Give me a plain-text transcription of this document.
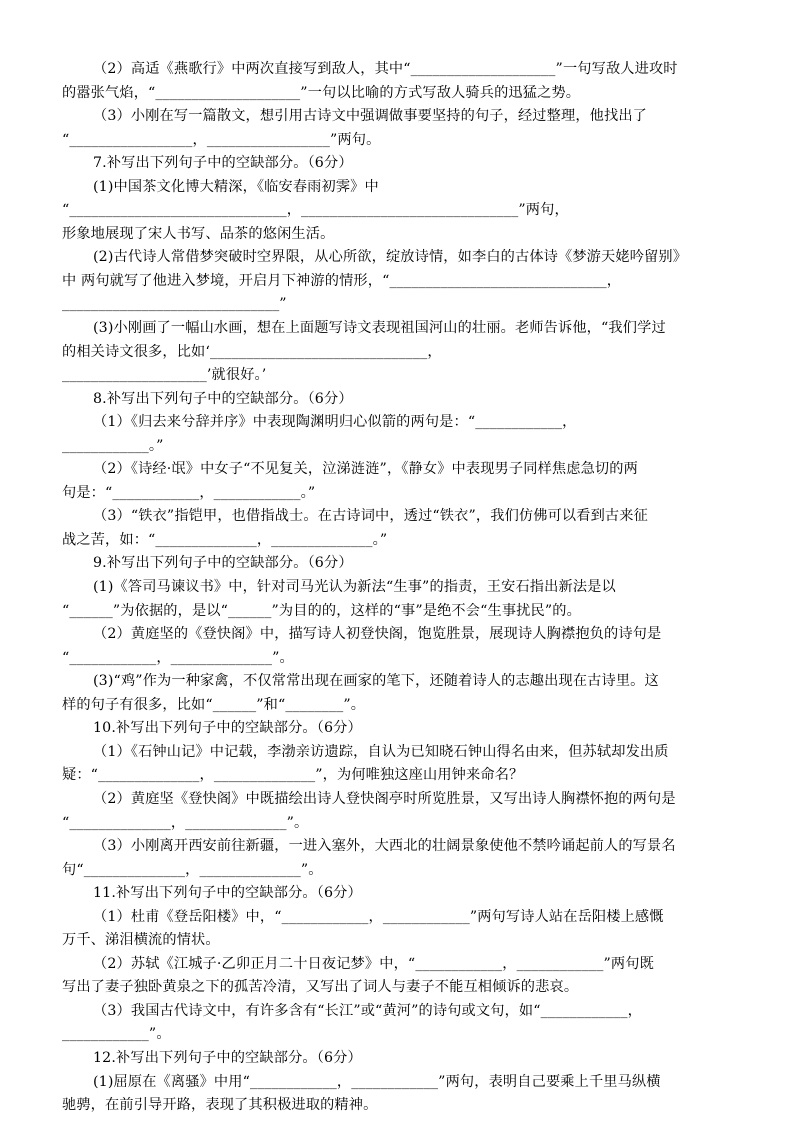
（2）高适《燕歌行》中两次直接写到敌人，其中“____________________”一句写敌人进攻时
的嚣张气焰，“____________________”一句以比喻的方式写敌人骑兵的迅猛之势。
（3）小刚在写一篇散文，想引用古诗文中强调做事要坚持的句子，经过整理，他找出了
“_________________，_________________”两句。
7.补写出下列句子中的空缺部分。（6分）
(1)中国茶文化博大精深，《临安春雨初霁》中
“______________________________，______________________________”两句，
形象地展现了宋人书写、品茶的悠闲生活。
(2)古代诗人常借梦突破时空界限，从心所欲，绽放诗情，如李白的古体诗《梦游天姥吟留别》
中 两句就写了他进入梦境，开启月下神游的情形，“______________________________，
______________________________”
(3)小刚画了一幅山水画，想在上面题写诗文表现祖国河山的壮丽。老师告诉他，“我们学过
的相关诗文很多，比如‘______________________________，
____________________’就很好。’
8.补写出下列句子中的空缺部分。（6分）
（1）《归去来兮辞并序》中表现陶渊明归心似箭的两句是：“____________，
____________。”
（2）《诗经·氓》中女子“不见复关，泣涕涟涟”，《静女》中表现男子同样焦虑急切的两
句是：“____________，____________。”
（3）“铁衣”指铠甲，也借指战士。在古诗词中，透过“铁衣”，我们仿佛可以看到古来征
战之苦，如：“______________，______________。”
9.补写出下列句子中的空缺部分。（6分）
(1)《答司马谏议书》中，针对司马光认为新法“生事”的指责，王安石指出新法是以
“______”为依据的，是以“______”为目的的，这样的“事”是绝不会“生事扰民”的。
（2）黄庭坚的《登快阁》中，描写诗人初登快阁，饱览胜景，展现诗人胸襟抱负的诗句是
“____________，______________”。
(3)“鸡”作为一种家禽，不仅常常出现在画家的笔下，还随着诗人的志趣出现在古诗里。这
样的句子有很多，比如“______”和“________”。
10.补写出下列句子中的空缺部分。（6分）
（1）《石钟山记》中记载，李渤亲访遗踪，自认为已知晓石钟山得名由来，但苏轼却发出质
疑：“______________，______________”，为何唯独这座山用钟来命名？
（2）黄庭坚《登快阁》中既描绘出诗人登快阁亭时所览胜景，又写出诗人胸襟怀抱的两句是
“______________，______________”。
（3）小刚离开西安前往新疆，一进入塞外，大西北的壮阔景象使他不禁吟诵起前人的写景名
句“______________，______________”。
11.补写出下列句子中的空缺部分。（6分）
（1）杜甫《登岳阳楼》中，“____________，____________”两句写诗人站在岳阳楼上感慨
万千、涕泪横流的情状。
（2）苏轼《江城子·乙卯正月二十日夜记梦》中，“____________，____________”两句既
写出了妻子独卧黄泉之下的孤苦冷清，又写出了词人与妻子不能互相倾诉的悲哀。
（3）我国古代诗文中，有许多含有“长江”或“黄河”的诗句或文句，如“____________，
____________”。
12.补写出下列句子中的空缺部分。（6分）
(1)屈原在《离骚》中用“____________，____________”两句，表明自己要乘上千里马纵横
驰骋，在前引导开路，表现了其积极进取的精神。
